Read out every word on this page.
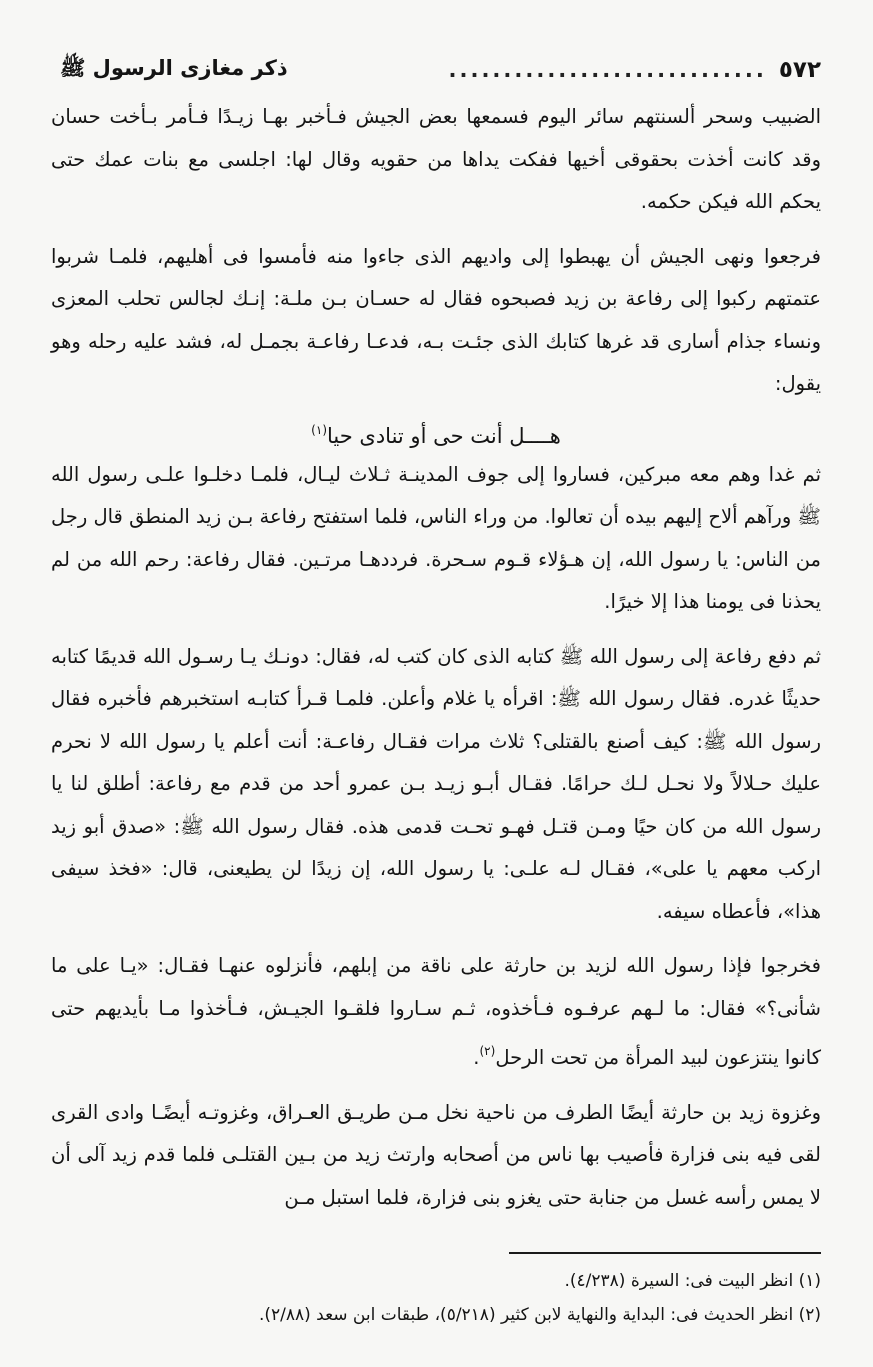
٥٧٢
.............................
ذكر مغازى الرسول ﷺ

الضبيب وسحر ألسنتهم سائر اليوم فسمعها بعض الجيش فـأخبر بهـا زيـدًا فـأمر بـأخت حسان وقد كانت أخذت بحقوقى أخيها ففكت يداها من حقويه وقال لها: اجلسى مع بنات عمك حتى يحكم الله فيكن حكمه.

فرجعوا ونهى الجيش أن يهبطوا إلى واديهم الذى جاءوا منه فأمسوا فى أهليهم، فلمـا شربوا عتمتهم ركبوا إلى رفاعة بن زيد فصبحوه فقال له حسـان بـن ملـة: إنـك لجالس تحلب المعزى ونساء جذام أسارى قد غرها كتابك الذى جئـت بـه، فدعـا رفاعـة بجمـل له، فشد عليه رحله وهو يقول:

هــــل أنت حى أو تنادى حيا$^{(١)}$

ثم غدا وهم معه مبركين، فساروا إلى جوف المدينـة ثـلاث ليـال، فلمـا دخلـوا علـى رسول الله ﷺ ورآهم ألاح إليهم بيده أن تعالوا. من وراء الناس، فلما استفتح رفاعة بـن زيد المنطق قال رجل من الناس: يا رسول الله، إن هـؤلاء قـوم سـحرة. فرددهـا مرتـين. فقال رفاعة: رحم الله من لم يحذنا فى يومنا هذا إلا خيرًا.

ثم دفع رفاعة إلى رسول الله ﷺ كتابه الذى كان كتب له، فقال: دونـك يـا رسـول الله قديمًا كتابه حديثًا غدره. فقال رسول الله ﷺ: اقرأه يا غلام وأعلن. فلمـا قـرأ كتابـه استخبرهم فأخبره فقال رسول الله ﷺ: كيف أصنع بالقتلى؟ ثلاث مرات فقـال رفاعـة: أنت أعلم يا رسول الله لا نحرم عليك حـلالاً ولا نحـل لـك حرامًا. فقـال أبـو زيـد بـن عمرو أحد من قدم مع رفاعة: أطلق لنا يا رسول الله من كان حيًا ومـن قتـل فهـو تحـت قدمى هذه. فقال رسول الله ﷺ: «صدق أبو زيد اركب معهم يا على»، فقـال لـه علـى: يا رسول الله، إن زيدًا لن يطيعنى، قال: «فخذ سيفى هذا»، فأعطاه سيفه.

فخرجوا فإذا رسول الله لزيد بن حارثة على ناقة من إبلهم، فأنزلوه عنهـا فقـال: «يـا على ما شأنى؟» فقال: ما لـهم عرفـوه فـأخذوه، ثـم سـاروا فلقـوا الجيـش، فـأخذوا مـا بأيديهم حتى كانوا ينتزعون لبيد المرأة من تحت الرحل$^{(٢)}$.

وغزوة زيد بن حارثة أيضًا الطرف من ناحية نخل مـن طريـق العـراق، وغزوتـه أيضًـا وادى القرى لقى فيه بنى فزارة فأصيب بها ناس من أصحابه وارتث زيد من بـين القتلـى فلما قدم زيد آلى أن لا يمس رأسه غسل من جنابة حتى يغزو بنى فزارة، فلما استبل مـن

(١) انظر البيت فى: السيرة (٤/٢٣٨).

(٢) انظر الحديث فى: البداية والنهاية لابن كثير (٥/٢١٨)، طبقات ابن سعد (٢/٨٨).
